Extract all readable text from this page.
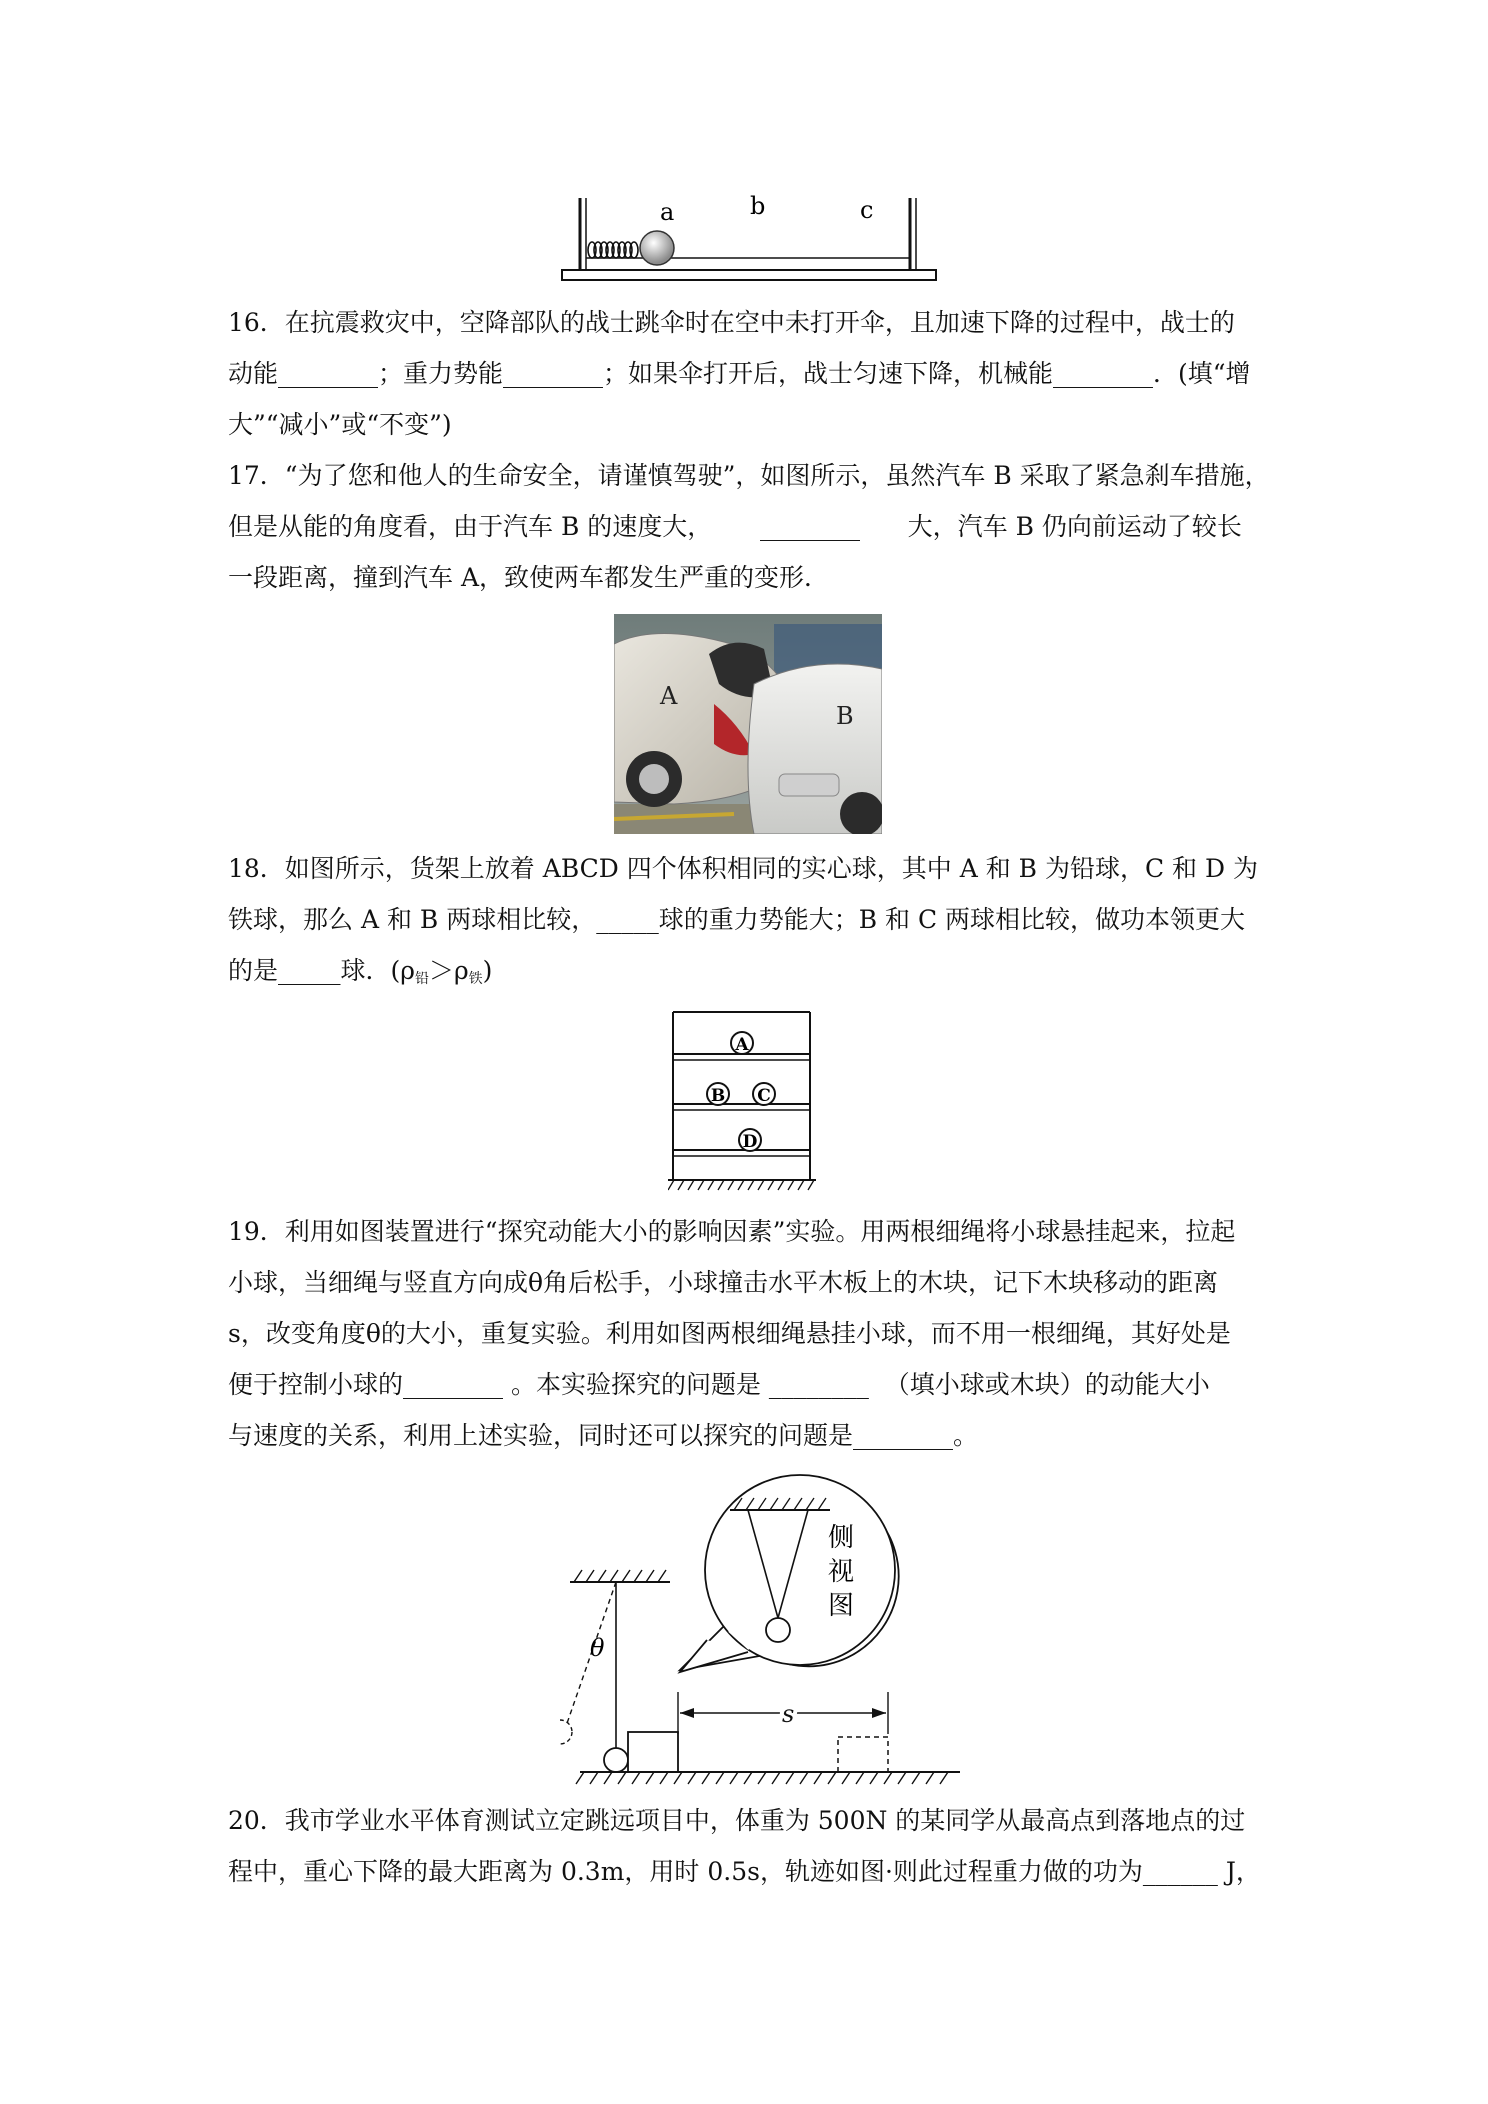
a	b	c
16．在抗震救灾中，空降部队的战士跳伞时在空中未打开伞，且加速下降的过程中，战士的
动能________；重力势能________；如果伞打开后，战士匀速下降，机械能________．(填“增
大”“减小”或“不变”)
17．“为了您和他人的生命安全，请谨慎驾驶”，如图所示，虽然汽车 B 采取了紧急刹车措施，
但是从能的角度看，由于汽车 B 的速度大，      ________      大，汽车 B 仍向前运动了较长
一段距离，撞到汽车 A，致使两车都发生严重的变形．
A
B
18．如图所示，货架上放着 ABCD 四个体积相同的实心球，其中 A 和 B 为铅球，C 和 D 为
铁球，那么 A 和 B 两球相比较，_____球的重力势能大；B 和 C 两球相比较，做功本领更大
的是_____球．$(\rho_铅>\rho_铁)$
A
B C
D
19．利用如图装置进行“探究动能大小的影响因素”实验。用两根细绳将小球悬挂起来，拉起
小球，当细绳与竖直方向成θ角后松手，小球撞击水平木板上的木块，记下木块移动的距离
s，改变角度θ的大小，重复实验。利用如图两根细绳悬挂小球，而不用一根细绳，其好处是
便于控制小球的________ 。本实验探究的问题是 ________  （填小球或木块）的动能大小
与速度的关系，利用上述实验，同时还可以探究的问题是________。
θ
s
侧
视
图
20．我市学业水平体育测试立定跳远项目中，体重为 500N 的某同学从最高点到落地点的过
程中，重心下降的最大距离为 0.3m，用时 0.5s，轨迹如图·则此过程重力做的功为______ J，
